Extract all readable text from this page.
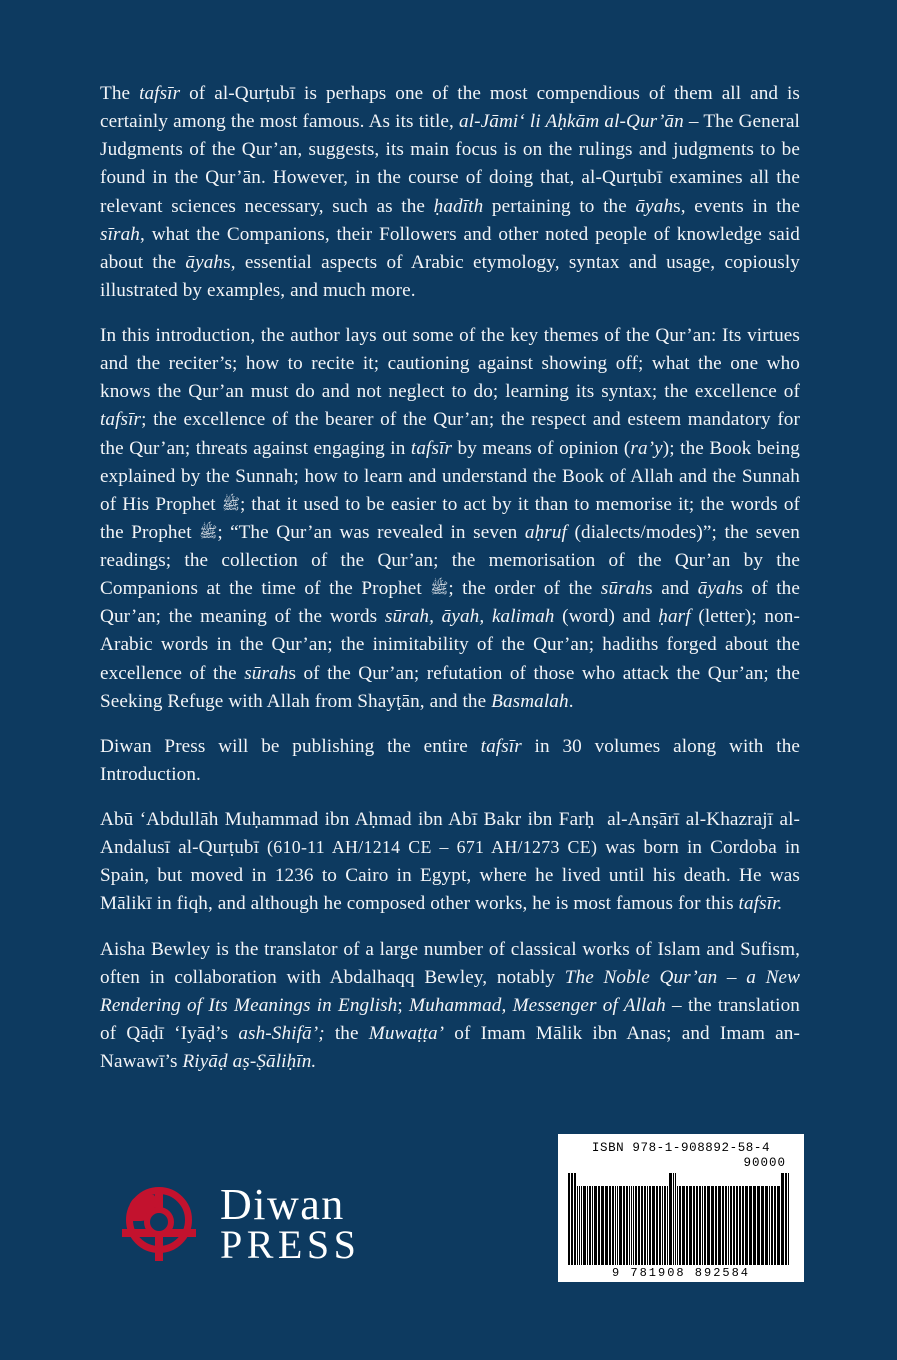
The tafsīr of al-Qurṭubī is perhaps one of the most compendious of them all and is certainly among the most famous. As its title, al-Jāmi‘ li Aḥkām al-Qur’ān – The General Judgments of the Qur’an, suggests, its main focus is on the rulings and judgments to be found in the Qur’ān. However, in the course of doing that, al-Qurṭubī examines all the relevant sciences necessary, such as the ḥadīth pertaining to the āyahs, events in the sīrah, what the Companions, their Followers and other noted people of knowledge said about the āyahs, essential aspects of Arabic etymology, syntax and usage, copiously illustrated by examples, and much more.

In this introduction, the author lays out some of the key themes of the Qur’an: Its virtues and the reciter’s; how to recite it; cautioning against showing off; what the one who knows the Qur’an must do and not neglect to do; learning its syntax; the excellence of tafsīr; the excellence of the bearer of the Qur’an; the respect and esteem mandatory for the Qur’an; threats against engaging in tafsīr by means of opinion (ra’y); the Book being explained by the Sunnah; how to learn and understand the Book of Allah and the Sunnah of His Prophet ﷺ; that it used to be easier to act by it than to memorise it; the words of the Prophet ﷺ; “The Qur’an was revealed in seven aḥruf (dialects/modes)”; the seven readings; the collection of the Qur’an; the memorisation of the Qur’an by the Companions at the time of the Prophet ﷺ; the order of the sūrahs and āyahs of the Qur’an; the meaning of the words sūrah, āyah, kalimah (word) and ḥarf (letter); non-Arabic words in the Qur’an; the inimitability of the Qur’an; hadiths forged about the excellence of the sūrahs of the Qur’an; refutation of those who attack the Qur’an; the Seeking Refuge with Allah from Shayṭān, and the Basmalah.

Diwan Press will be publishing the entire tafsīr in 30 volumes along with the Introduction.

Abū ‘Abdullāh Muḥammad ibn Aḥmad ibn Abī Bakr ibn Farḥ  al-Anṣārī al-Khazrajī al-Andalusī al-Qurṭubī (610-11 AH/1214 CE – 671 AH/1273 CE) was born in Cordoba in Spain, but moved in 1236 to Cairo in Egypt, where he lived until his death. He was Mālikī in fiqh, and although he composed other works, he is most famous for this tafsīr.

Aisha Bewley is the translator of a large number of classical works of Islam and Sufism, often in collaboration with Abdalhaqq Bewley, notably The Noble Qur’an – a New Rendering of Its Meanings in English; Muhammad, Messenger of Allah – the translation of Qāḍī ‘Iyāḍ’s ash-Shifā’; the Muwaṭṭa’ of Imam Mālik ibn Anas; and Imam an-Nawawī’s Riyāḍ aṣ-Ṣāliḥīn.

Diwan
PRESS
ISBN 978-1-908892-58-4
90000
9 781908 892584
